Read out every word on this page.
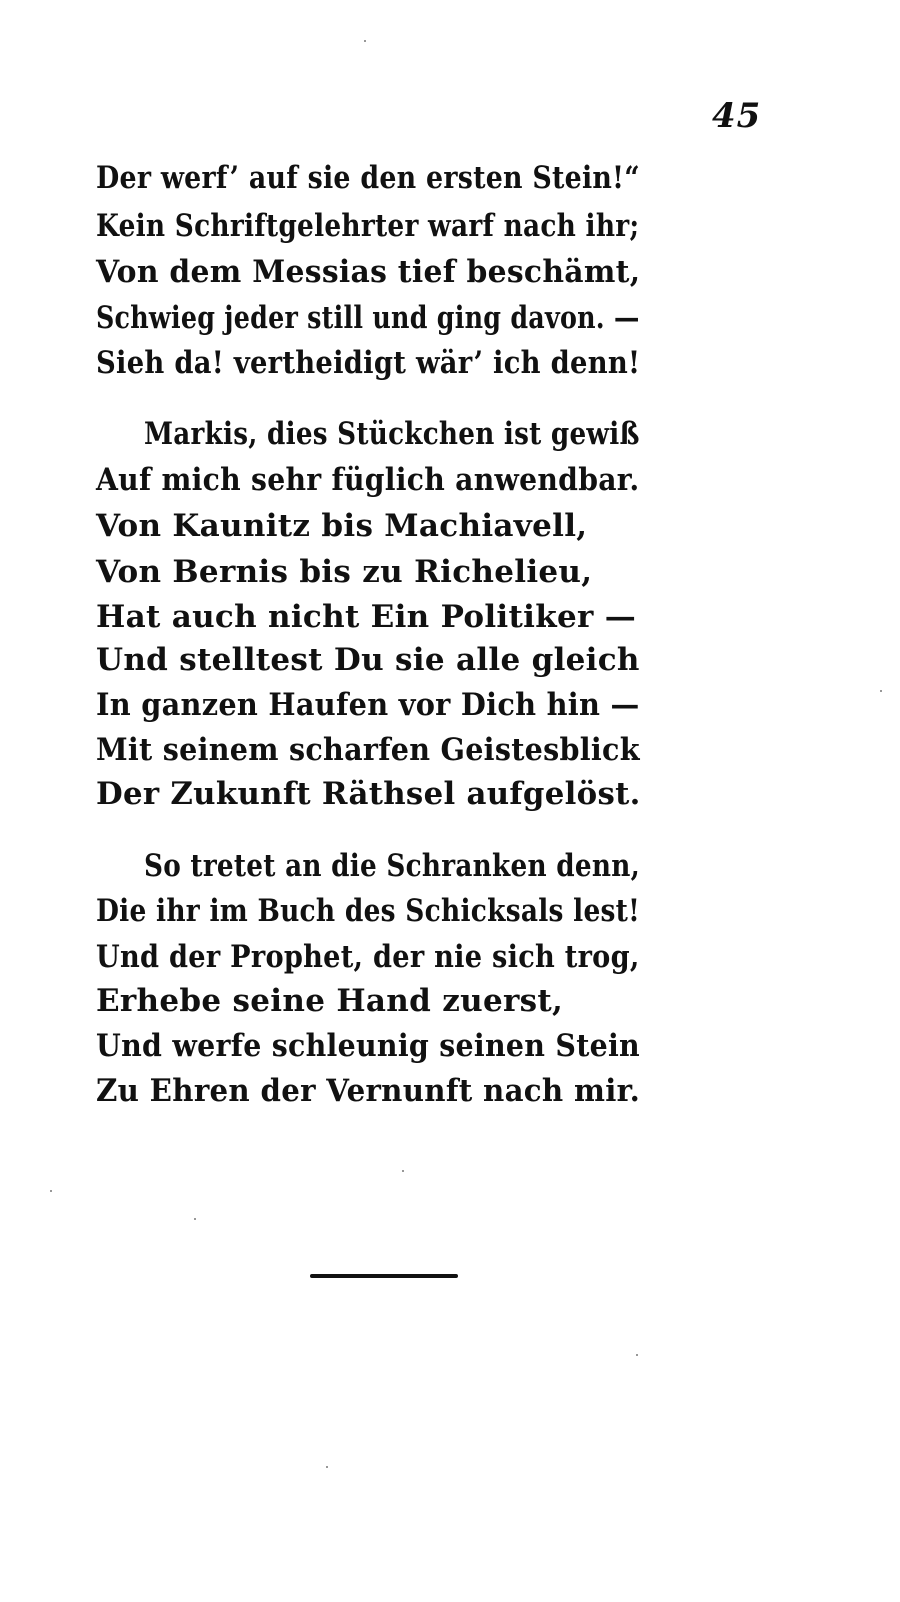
45
Der werf’ auf sie den ersten Stein!“
Kein Schriftgelehrter warf nach ihr;
Von dem Messias tief beschämt,
Schwieg jeder still und ging davon. —
Sieh da! vertheidigt wär’ ich denn!
Markis, dies Stückchen ist gewiß
Auf mich sehr füglich anwendbar.
Von Kaunitz bis Machiavell,
Von Bernis bis zu Richelieu,
Hat auch nicht Ein Politiker —
Und stelltest Du sie alle gleich
In ganzen Haufen vor Dich hin —
Mit seinem scharfen Geistesblick
Der Zukunft Räthsel aufgelöst.
So tretet an die Schranken denn,
Die ihr im Buch des Schicksals lest!
Und der Prophet, der nie sich trog,
Erhebe seine Hand zuerst,
Und werfe schleunig seinen Stein
Zu Ehren der Vernunft nach mir.
